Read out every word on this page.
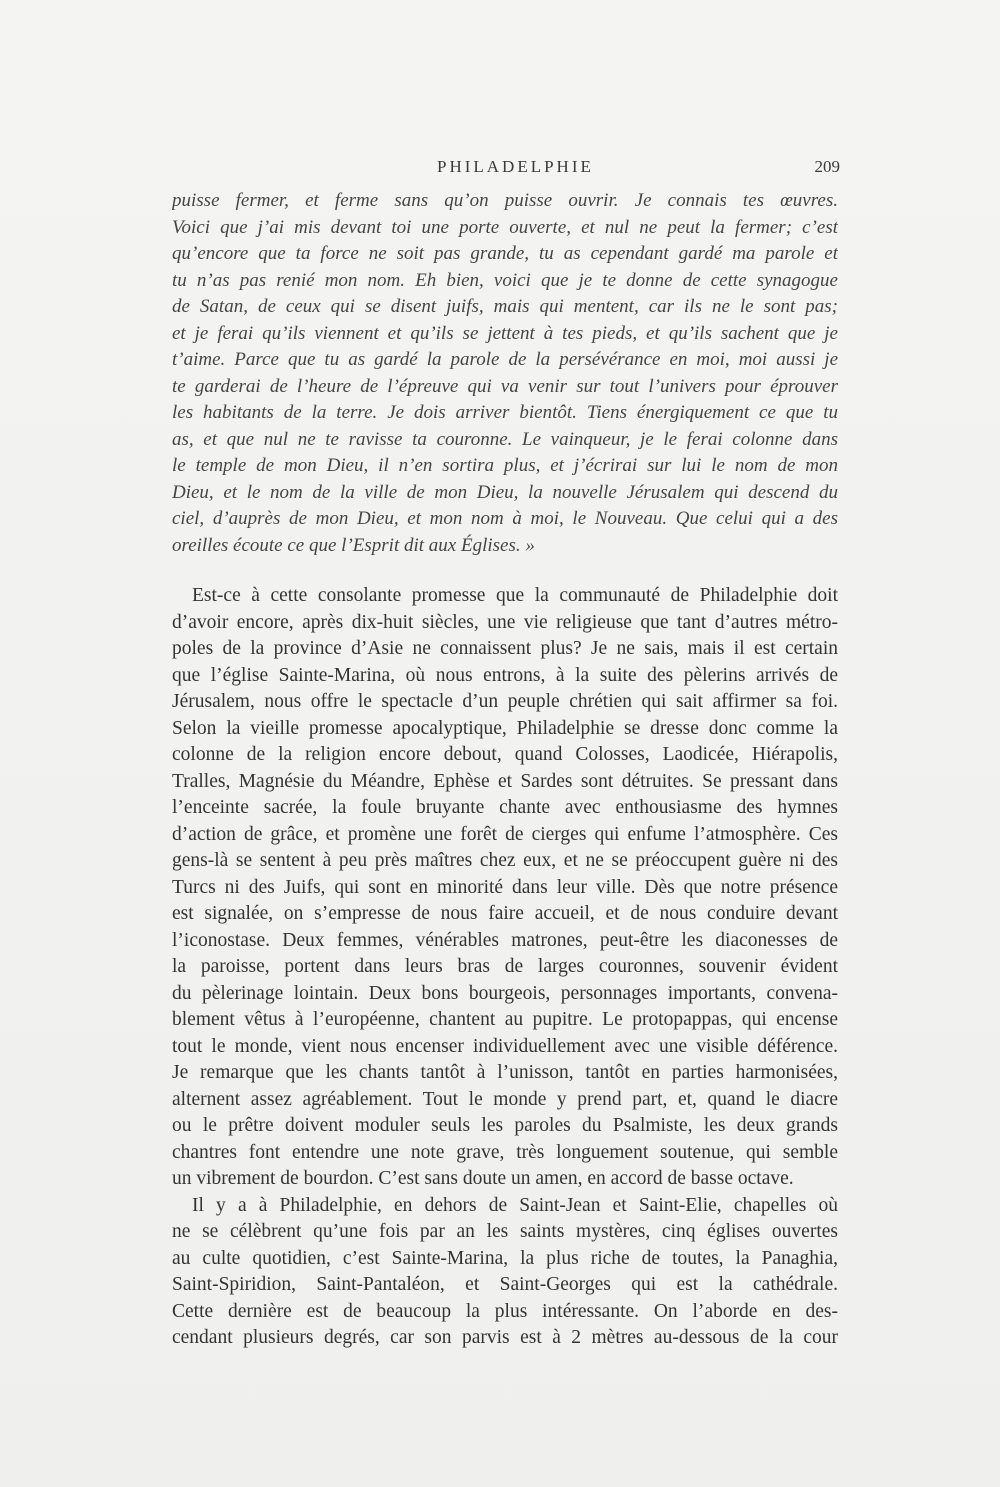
PHILADELPHIE	209
puisse fermer, et ferme sans qu’on puisse ouvrir. Je connais tes œuvres.
Voici que j’ai mis devant toi une porte ouverte, et nul ne peut la fermer; c’est
qu’encore que ta force ne soit pas grande, tu as cependant gardé ma parole et
tu n’as pas renié mon nom. Eh bien, voici que je te donne de cette synagogue
de Satan, de ceux qui se disent juifs, mais qui mentent, car ils ne le sont pas;
et je ferai qu’ils viennent et qu’ils se jettent à tes pieds, et qu’ils sachent que je
t’aime. Parce que tu as gardé la parole de la persévérance en moi, moi aussi je
te garderai de l’heure de l’épreuve qui va venir sur tout l’univers pour éprouver
les habitants de la terre. Je dois arriver bientôt. Tiens énergiquement ce que tu
as, et que nul ne te ravisse ta couronne. Le vainqueur, je le ferai colonne dans
le temple de mon Dieu, il n’en sortira plus, et j’écrirai sur lui le nom de mon
Dieu, et le nom de la ville de mon Dieu, la nouvelle Jérusalem qui descend du
ciel, d’auprès de mon Dieu, et mon nom à moi, le Nouveau. Que celui qui a des
oreilles écoute ce que l’Esprit dit aux Églises. »
Est-ce à cette consolante promesse que la communauté de Philadelphie doit
d’avoir encore, après dix-huit siècles, une vie religieuse que tant d’autres métro-
poles de la province d’Asie ne connaissent plus? Je ne sais, mais il est certain
que l’église Sainte-Marina, où nous entrons, à la suite des pèlerins arrivés de
Jérusalem, nous offre le spectacle d’un peuple chrétien qui sait affirmer sa foi.
Selon la vieille promesse apocalyptique, Philadelphie se dresse donc comme la
colonne de la religion encore debout, quand Colosses, Laodicée, Hiérapolis,
Tralles, Magnésie du Méandre, Ephèse et Sardes sont détruites. Se pressant dans
l’enceinte sacrée, la foule bruyante chante avec enthousiasme des hymnes
d’action de grâce, et promène une forêt de cierges qui enfume l’atmosphère. Ces
gens-là se sentent à peu près maîtres chez eux, et ne se préoccupent guère ni des
Turcs ni des Juifs, qui sont en minorité dans leur ville. Dès que notre présence
est signalée, on s’empresse de nous faire accueil, et de nous conduire devant
l’iconostase. Deux femmes, vénérables matrones, peut-être les diaconesses de
la paroisse, portent dans leurs bras de larges couronnes, souvenir évident
du pèlerinage lointain. Deux bons bourgeois, personnages importants, convena-
blement vêtus à l’européenne, chantent au pupitre. Le protopappas, qui encense
tout le monde, vient nous encenser individuellement avec une visible déférence.
Je remarque que les chants tantôt à l’unisson, tantôt en parties harmonisées,
alternent assez agréablement. Tout le monde y prend part, et, quand le diacre
ou le prêtre doivent moduler seuls les paroles du Psalmiste, les deux grands
chantres font entendre une note grave, très longuement soutenue, qui semble
un vibrement de bourdon. C’est sans doute un amen, en accord de basse octave.
Il y a à Philadelphie, en dehors de Saint-Jean et Saint-Elie, chapelles où
ne se célèbrent qu’une fois par an les saints mystères, cinq églises ouvertes
au culte quotidien, c’est Sainte-Marina, la plus riche de toutes, la Panaghia,
Saint-Spiridion, Saint-Pantaléon, et Saint-Georges qui est la cathédrale.
Cette dernière est de beaucoup la plus intéressante. On l’aborde en des-
cendant plusieurs degrés, car son parvis est à 2 mètres au-dessous de la cour
